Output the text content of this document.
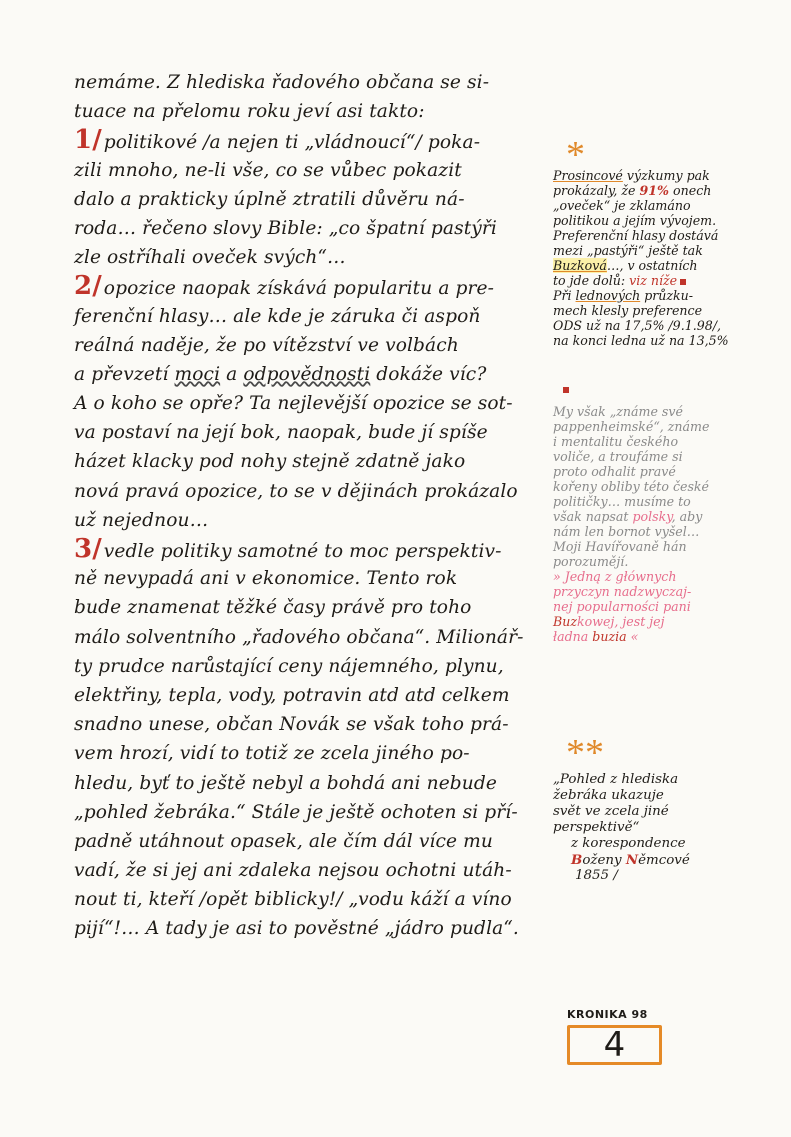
nemáme. Z hlediska řadového občana se si-
tuace na přelomu roku jeví asi takto:
1/ politikové /a nejen ti „vládnoucí“/ poka-
zili mnoho, ne-li vše, co se vůbec pokazit
dalo a prakticky úplně ztratili důvěru ná-
roda… řečeno slovy Bible: „co špatní pastýři
zle ostříhali oveček svých“…
2/ opozice naopak získává popularitu a pre-
ferenční hlasy… ale kde je záruka či aspoň
reálná naděje, že po vítězství ve volbách
a převzetí moci a odpovědnosti dokáže víc?
A o koho se opře? Ta nejlevější opozice se sot-
va postaví na její bok, naopak, bude jí spíše
házet klacky pod nohy stejně zdatně jako
nová pravá opozice, to se v dějinách prokázalo
už nejednou…
3/ vedle politiky samotné to moc perspektiv-
ně nevypadá ani v ekonomice. Tento rok
bude znamenat těžké časy právě pro toho
málo solventního „řadového občana“. Milionář-
ty prudce narůstající ceny nájemného, plynu,
elektřiny, tepla, vody, potravin atd atd celkem
snadno unese, občan Novák se však toho prá-
vem hrozí, vidí to totiž ze zcela jiného po-
hledu, byť to ještě nebyl a bohdá ani nebude
„pohled žebráka.“ Stále je ještě ochoten si pří-
padně utáhnout opasek, ale čím dál více mu
vadí, že si jej ani zdaleka nejsou ochotni utáh-
nout ti, kteří /opět biblicky!/ „vodu káží a víno
pijí“!… A tady je asi to pověstné „jádro pudla“.
*
Prosincové výzkumy pak
prokázaly, že 91% onech
„oveček“ je zklamáno
politikou a jejím vývojem.
Preferenční hlasy dostává
mezi „pastýři“ ještě tak
Buzková…, v ostatních
to jde dolů: viz níže
Při lednových průzku-
mech klesly preference
ODS už na 17,5% /9.1.98/,
na konci ledna už na 13,5%
My však „známe své
pappenheimské“, známe
i mentalitu českého
voliče, a troufáme si
proto odhalit pravé
kořeny obliby této české
političky… musíme to
však napsat polsky, aby
nám len bornot vyšel…
Moji Havířovaně hán
porozumějí.
» Jedną z głównych
przyczyn nadzwyczaj-
nej popularności pani
Buzkowej, jest jej
ładna buzia «
**
„Pohled z hlediska
žebráka ukazuje
svět ve zcela jiné
perspektivě“
z korespondence
Boženy Němcové
1855 /
KRONIKA 98
4
